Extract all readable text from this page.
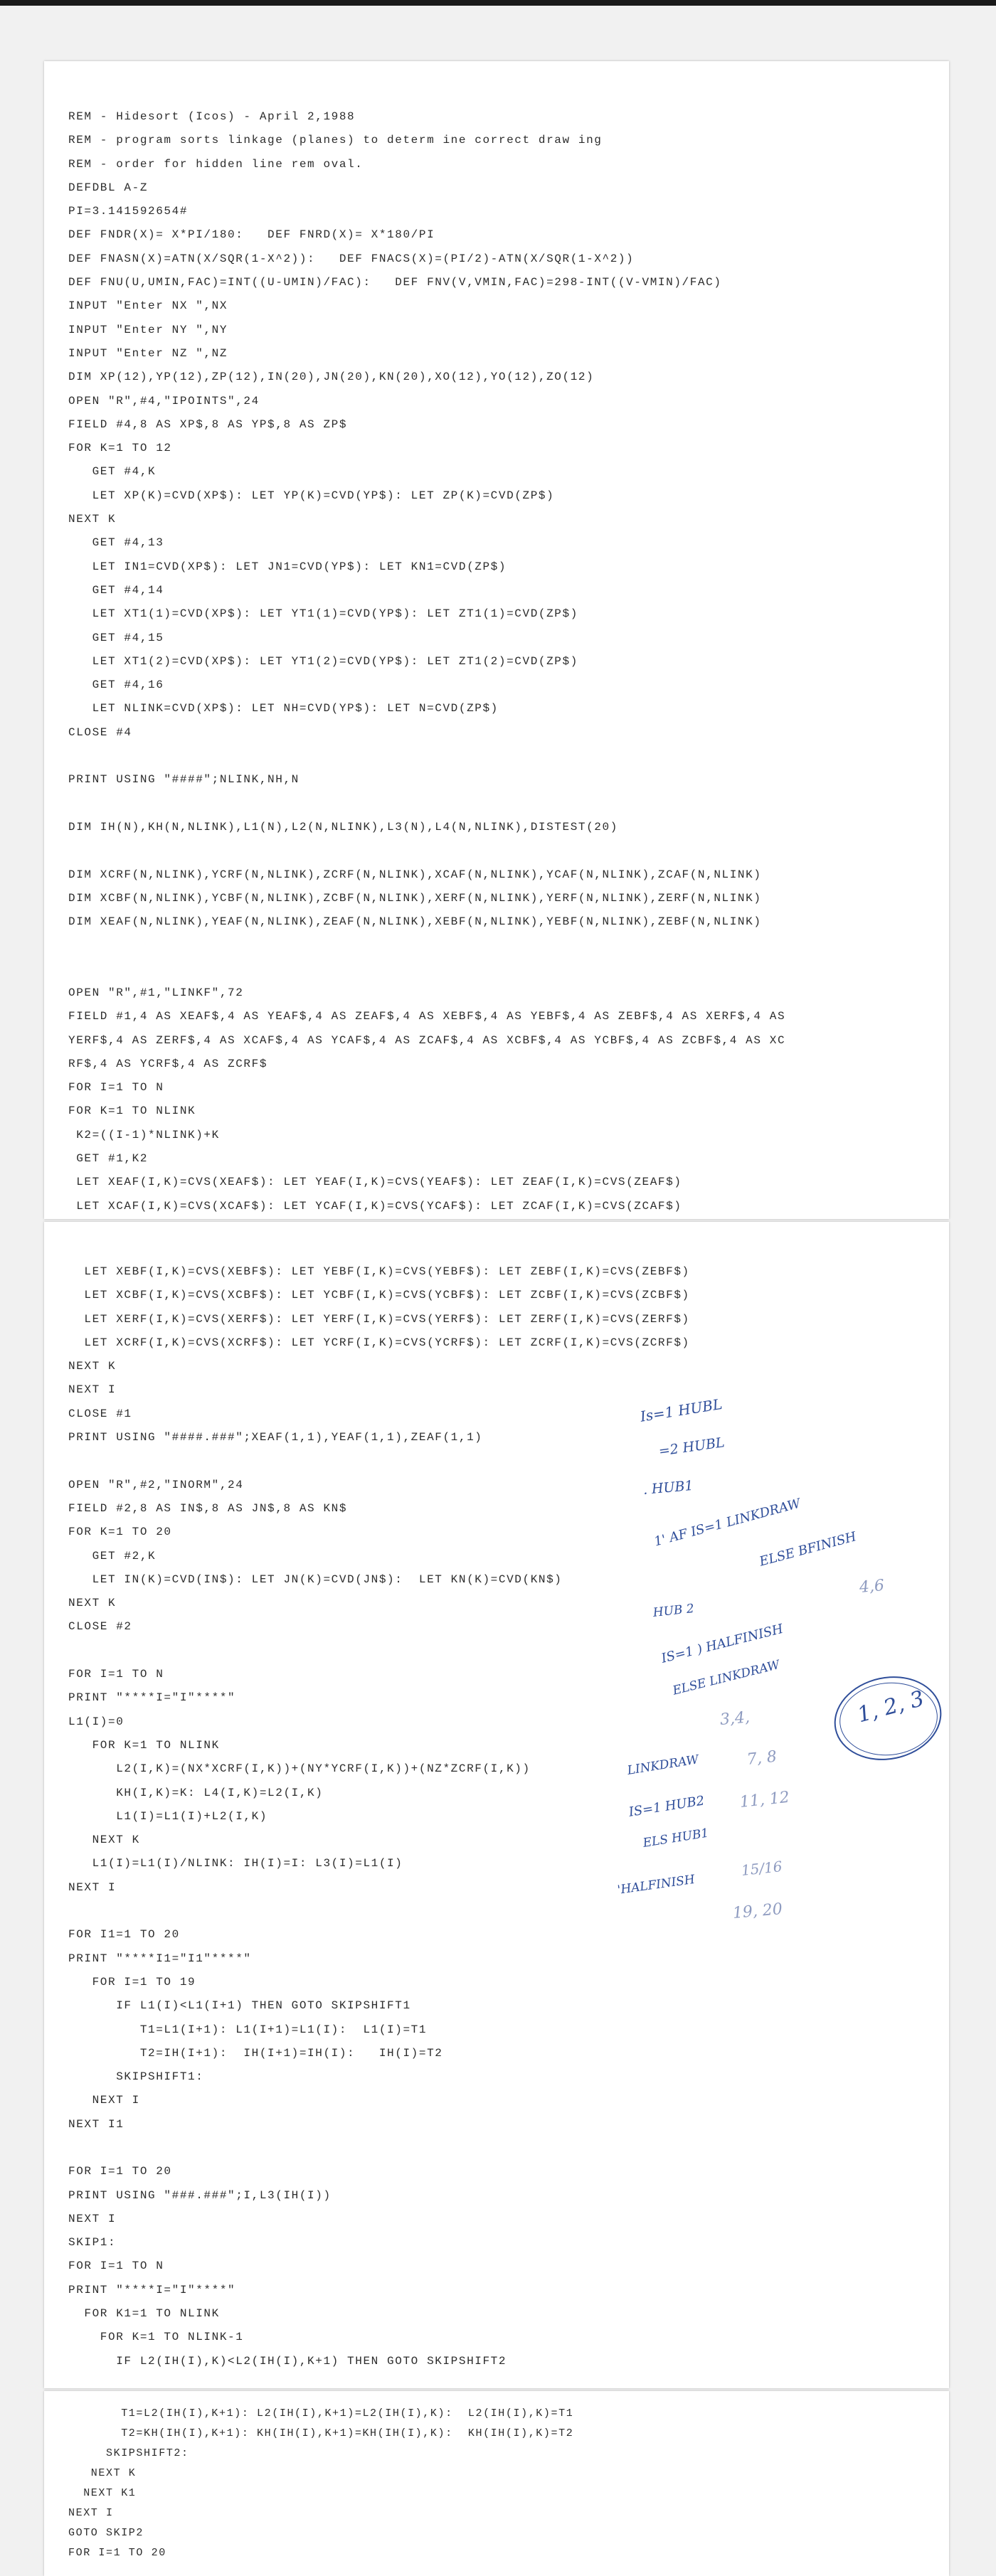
REM - Hidesort (Icos) - April 2,1988
REM - program sorts linkage (planes) to determ ine correct draw ing
REM - order for hidden line rem oval.
DEFDBL A-Z
PI=3.141592654#
DEF FNDR(X)= X*PI/180:   DEF FNRD(X)= X*180/PI
DEF FNASN(X)=ATN(X/SQR(1-X^2)):   DEF FNACS(X)=(PI/2)-ATN(X/SQR(1-X^2))
DEF FNU(U,UMIN,FAC)=INT((U-UMIN)/FAC):   DEF FNV(V,VMIN,FAC)=298-INT((V-VMIN)/FAC)
INPUT "Enter NX ",NX
INPUT "Enter NY ",NY
INPUT "Enter NZ ",NZ
DIM XP(12),YP(12),ZP(12),IN(20),JN(20),KN(20),XO(12),YO(12),ZO(12)
OPEN "R",#4,"IPOINTS",24
FIELD #4,8 AS XP$,8 AS YP$,8 AS ZP$
FOR K=1 TO 12
GET #4,K
LET XP(K)=CVD(XP$): LET YP(K)=CVD(YP$): LET ZP(K)=CVD(ZP$)
NEXT K
GET #4,13
LET IN1=CVD(XP$): LET JN1=CVD(YP$): LET KN1=CVD(ZP$)
GET #4,14
LET XT1(1)=CVD(XP$): LET YT1(1)=CVD(YP$): LET ZT1(1)=CVD(ZP$)
GET #4,15
LET XT1(2)=CVD(XP$): LET YT1(2)=CVD(YP$): LET ZT1(2)=CVD(ZP$)
GET #4,16
LET NLINK=CVD(XP$): LET NH=CVD(YP$): LET N=CVD(ZP$)
CLOSE #4

PRINT USING "####";NLINK,NH,N

DIM IH(N),KH(N,NLINK),L1(N),L2(N,NLINK),L3(N),L4(N,NLINK),DISTEST(20)

DIM XCRF(N,NLINK),YCRF(N,NLINK),ZCRF(N,NLINK),XCAF(N,NLINK),YCAF(N,NLINK),ZCAF(N,NLINK)
DIM XCBF(N,NLINK),YCBF(N,NLINK),ZCBF(N,NLINK),XERF(N,NLINK),YERF(N,NLINK),ZERF(N,NLINK)
DIM XEAF(N,NLINK),YEAF(N,NLINK),ZEAF(N,NLINK),XEBF(N,NLINK),YEBF(N,NLINK),ZEBF(N,NLINK)

OPEN "R",#1,"LINKF",72
FIELD #1,4 AS XEAF$,4 AS YEAF$,4 AS ZEAF$,4 AS XEBF$,4 AS YEBF$,4 AS ZEBF$,4 AS XERF$,4 AS
YERF$,4 AS ZERF$,4 AS XCAF$,4 AS YCAF$,4 AS ZCAF$,4 AS XCBF$,4 AS YCBF$,4 AS ZCBF$,4 AS XC
RF$,4 AS YCRF$,4 AS ZCRF$
FOR I=1 TO N
FOR K=1 TO NLINK
K2=((I-1)*NLINK)+K
GET #1,K2
LET XEAF(I,K)=CVS(XEAF$): LET YEAF(I,K)=CVS(YEAF$): LET ZEAF(I,K)=CVS(ZEAF$)
LET XCAF(I,K)=CVS(XCAF$): LET YCAF(I,K)=CVS(YCAF$): LET ZCAF(I,K)=CVS(ZCAF$)
LET XEBF(I,K)=CVS(XEBF$): LET YEBF(I,K)=CVS(YEBF$): LET ZEBF(I,K)=CVS(ZEBF$)
LET XCBF(I,K)=CVS(XCBF$): LET YCBF(I,K)=CVS(YCBF$): LET ZCBF(I,K)=CVS(ZCBF$)
LET XERF(I,K)=CVS(XERF$): LET YERF(I,K)=CVS(YERF$): LET ZERF(I,K)=CVS(ZERF$)
LET XCRF(I,K)=CVS(XCRF$): LET YCRF(I,K)=CVS(YCRF$): LET ZCRF(I,K)=CVS(ZCRF$)
NEXT K
NEXT I
CLOSE #1
PRINT USING "####.###";XEAF(1,1),YEAF(1,1),ZEAF(1,1)

OPEN "R",#2,"INORM",24
FIELD #2,8 AS IN$,8 AS JN$,8 AS KN$
FOR K=1 TO 20
GET #2,K
LET IN(K)=CVD(IN$): LET JN(K)=CVD(JN$):  LET KN(K)=CVD(KN$)
NEXT K
CLOSE #2

FOR I=1 TO N
PRINT "****I="I"****"
L1(I)=0
FOR K=1 TO NLINK
L2(I,K)=(NX*XCRF(I,K))+(NY*YCRF(I,K))+(NZ*ZCRF(I,K))
KH(I,K)=K: L4(I,K)=L2(I,K)
L1(I)=L1(I)+L2(I,K)
NEXT K
L1(I)=L1(I)/NLINK: IH(I)=I: L3(I)=L1(I)
NEXT I

FOR I1=1 TO 20
PRINT "****I1="I1"****"
FOR I=1 TO 19
IF L1(I)<L1(I+1) THEN GOTO SKIPSHIFT1
T1=L1(I+1): L1(I+1)=L1(I):  L1(I)=T1
T2=IH(I+1):  IH(I+1)=IH(I):   IH(I)=T2
SKIPSHIFT1:
NEXT I
NEXT I1

FOR I=1 TO 20
PRINT USING "###.###";I,L3(IH(I))
NEXT I
SKIP1:
FOR I=1 TO N
PRINT "****I="I"****"
FOR K1=1 TO NLINK
FOR K=1 TO NLINK-1
IF L2(IH(I),K)<L2(IH(I),K+1) THEN GOTO SKIPSHIFT2
T1=L2(IH(I),K+1): L2(IH(I),K+1)=L2(IH(I),K):  L2(IH(I),K)=T1
T2=KH(IH(I),K+1): KH(IH(I),K+1)=KH(IH(I),K):  KH(IH(I),K)=T2
SKIPSHIFT2:
NEXT K
NEXT K1
NEXT I
GOTO SKIP2
FOR I=1 TO 20
Is=1 HUBL
=2 HUBL
. HUB1
1' AF IS=1 LINKDRAW
ELSE BFINISH
4,6
HUB 2
IS=1 ) HALFINISH
ELSE LINKDRAW
3,4,
LINKDRAW	7, 8
IS=1 HUB2
ELS HUB1
11, 12
'HALFINISH
15/16
19, 20
1, 2, 3
